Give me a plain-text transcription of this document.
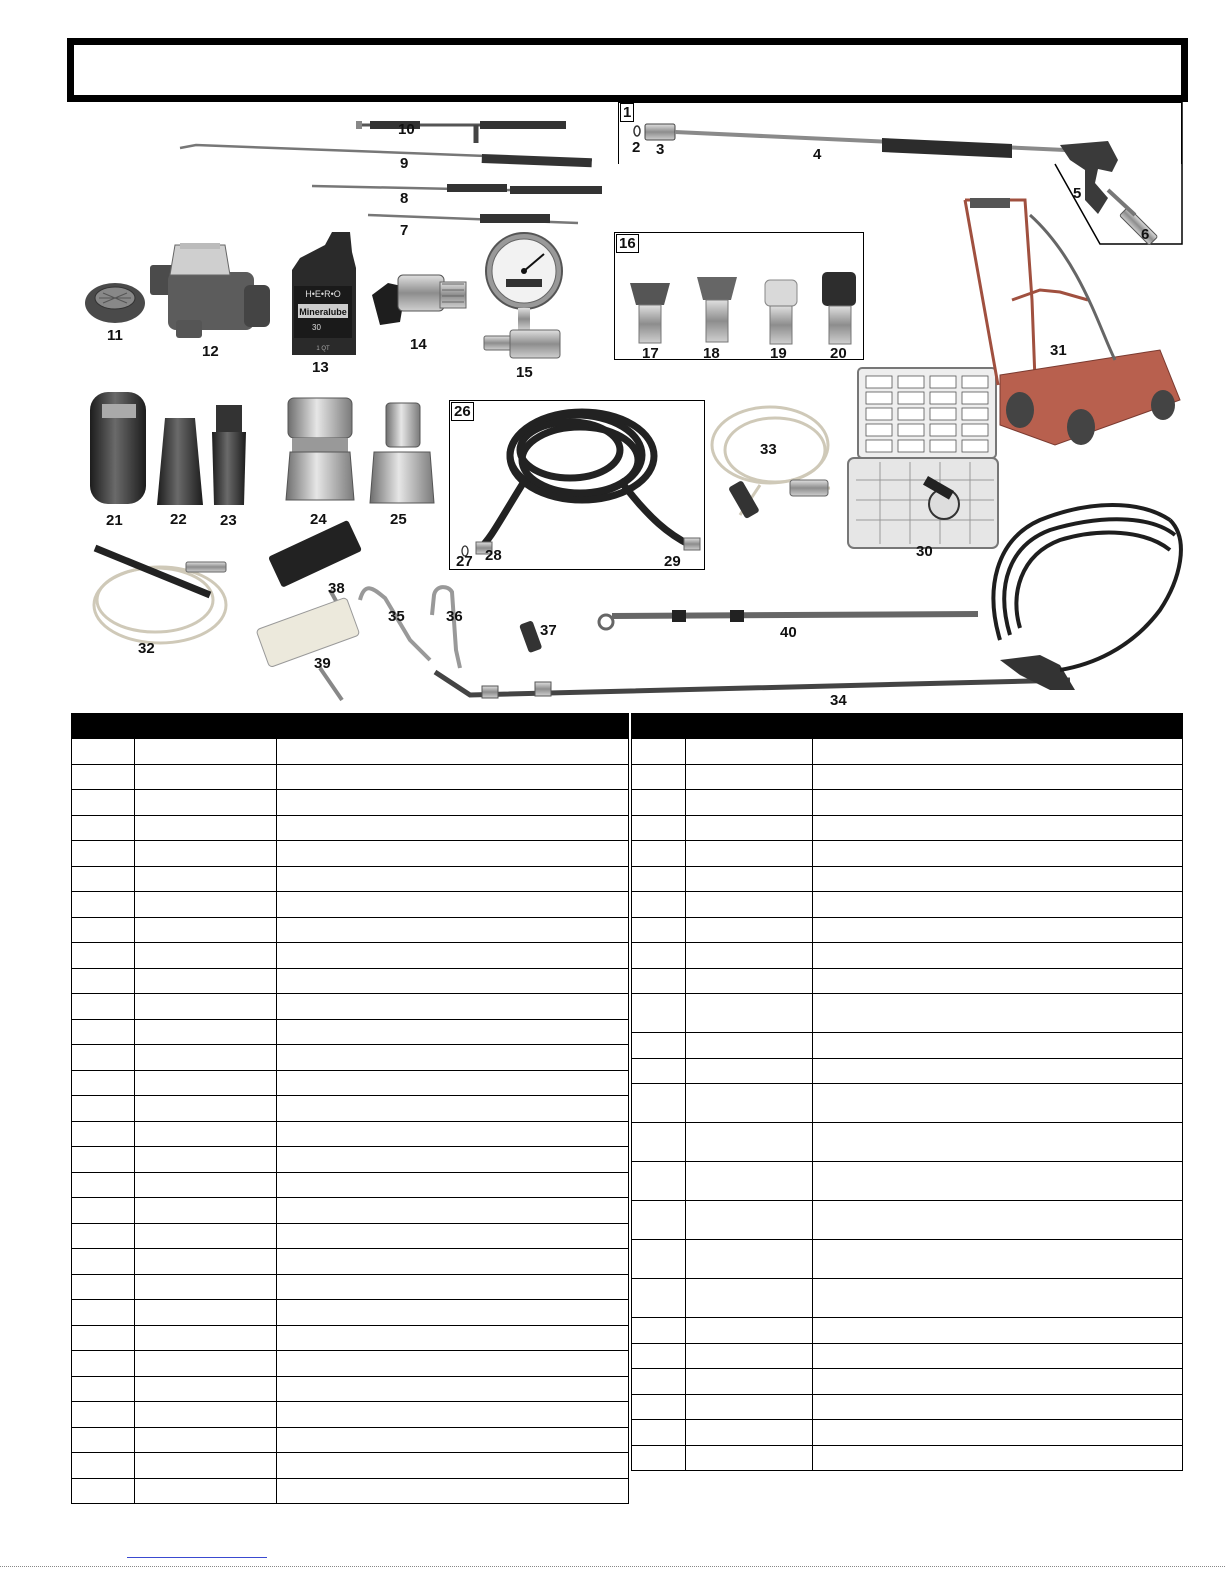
1
16
26
H•E•R•O
Mineralube
30
1 QT
2 3	4
5
6
7
8
9
10
11
12
13
14
15
17	18	19	20
21	22 23	24	25
27 28	29
30
31
32
33
34
35	36
37
38
39
40
